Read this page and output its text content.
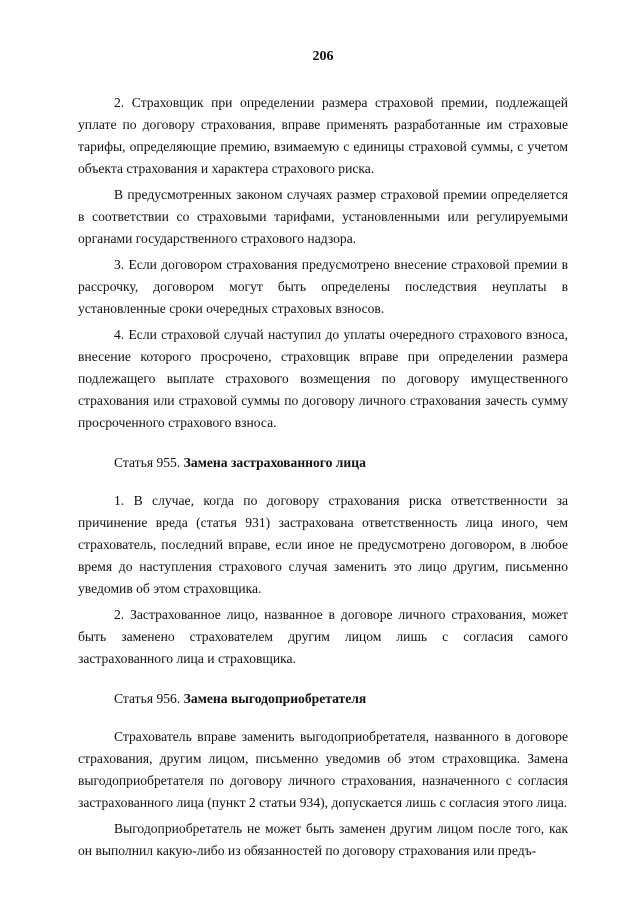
206

2. Страховщик при определении размера страховой премии, подлежащей уплате по договору страхования, вправе применять разработанные им страховые тарифы, определяющие премию, взимаемую с единицы страховой суммы, с учетом объекта страхования и характера страхового риска.

В предусмотренных законом случаях размер страховой премии определяется в соответствии со страховыми тарифами, установленными или регулируемыми органами государственного страхового надзора.

3. Если договором страхования предусмотрено внесение страховой премии в рассрочку, договором могут быть определены последствия неуплаты в установленные сроки очередных страховых взносов.

4. Если страховой случай наступил до уплаты очередного страхового взноса, внесение которого просрочено, страховщик вправе при определении размера подлежащего выплате страхового возмещения по договору имущественного страхования или страховой суммы по договору личного страхования зачесть сумму просроченного страхового взноса.

Статья 955. Замена застрахованного лица

1. В случае, когда по договору страхования риска ответственности за причинение вреда (статья 931) застрахована ответственность лица иного, чем страхователь, последний вправе, если иное не предусмотрено договором, в любое время до наступления страхового случая заменить это лицо другим, письменно уведомив об этом страховщика.

2. Застрахованное лицо, названное в договоре личного страхования, может быть заменено страхователем другим лицом лишь с согласия самого застрахованного лица и страховщика.

Статья 956. Замена выгодоприобретателя

Страхователь вправе заменить выгодоприобретателя, названного в договоре страхования, другим лицом, письменно уведомив об этом страховщика. Замена выгодоприобретателя по договору личного страхования, назначенного с согласия застрахованного лица (пункт 2 статьи 934), допускается лишь с согласия этого лица.

Выгодоприобретатель не может быть заменен другим лицом после того, как он выполнил какую-либо из обязанностей по договору страхования или предъ-
